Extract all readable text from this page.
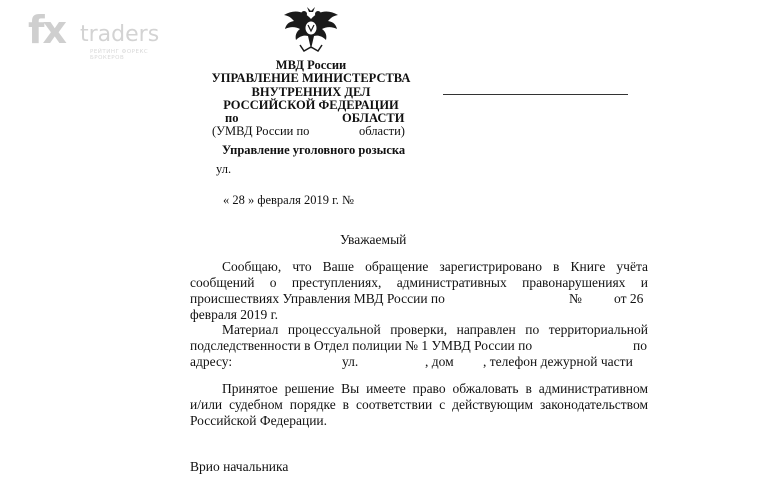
fx traders
РЕЙТИНГ ФОРЕКС БРОКЕРОВ	МВД России
УПРАВЛЕНИЕ МИНИСТЕРСТВА
ВНУТРЕННИХ ДЕЛ
РОССИЙСКОЙ ФЕДЕРАЦИИ
по	ОБЛАСТИ
(УМВД России по	области)
Управление уголовного розыска
ул.
« 28 » февраля 2019 г. №
Уважаемый
Сообщаю, что Ваше обращение зарегистрировано в Книге учёта
сообщений о преступлениях, административных правонарушениях и
происшествиях Управления МВД России по	№ от 26
февраля 2019 г.
Материал процессуальной проверки, направлен по территориальной
подследственности в Отдел полиции № 1 УМВД России по	по
адресу:	ул.	, дом , телефон дежурной части
Принятое решение Вы имеете право обжаловать в административном
и/или судебном порядке в соответствии с действующим законодательством
Российской Федерации.
Врио начальника
